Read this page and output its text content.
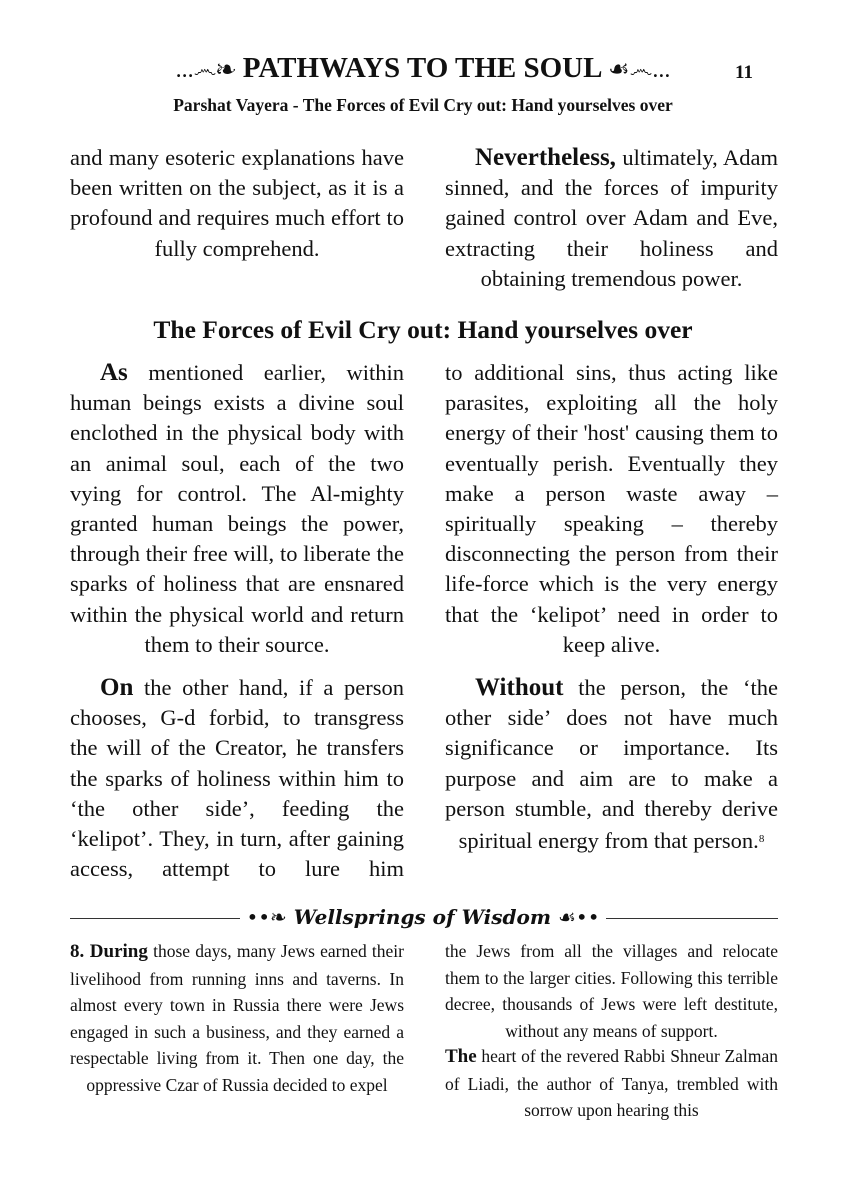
...෴❧ PATHWAYS TO THE SOUL ☙෴...	11
Parshat Vayera - The Forces of Evil Cry out: Hand yourselves over

and many esoteric explanations have been written on the subject, as it is a profound and requires much effort to fully comprehend.

Nevertheless, ultimately, Adam sinned, and the forces of impurity gained control over Adam and Eve, extracting their holiness and obtaining tremendous power.

The Forces of Evil Cry out: Hand yourselves over

As mentioned earlier, within human beings exists a divine soul enclothed in the physical body with an animal soul, each of the two vying for control. The Al-mighty granted human beings the power, through their free will, to liberate the sparks of holiness that are ensnared within the physical world and return them to their source.

On the other hand, if a person chooses, G-d forbid, to transgress the will of the Creator, he transfers the sparks of holiness within him to ‘the other side’, feeding the ‘kelipot’. They, in turn, after gaining access, attempt to lure him

to additional sins, thus acting like parasites, exploiting all the holy energy of their 'host' causing them to eventually perish. Eventually they make a person waste away – spiritually speaking – thereby disconnecting the person from their life-force which is the very energy that the ‘kelipot’ need in order to keep alive.

Without the person, the ‘the other side’ does not have much significance or importance. Its purpose and aim are to make a person stumble, and thereby derive spiritual energy from that person.$^8$

••❧ Wellsprings of Wisdom ☙••

8. During those days, many Jews earned their livelihood from running inns and taverns. In almost every town in Russia there were Jews engaged in such a business, and they earned a respectable living from it. Then one day, the oppressive Czar of Russia decided to expel

the Jews from all the villages and relocate them to the larger cities. Following this terrible decree, thousands of Jews were left destitute, without any means of support.

The heart of the revered Rabbi Shneur Zalman of Liadi, the author of Tanya, trembled with sorrow upon hearing this
